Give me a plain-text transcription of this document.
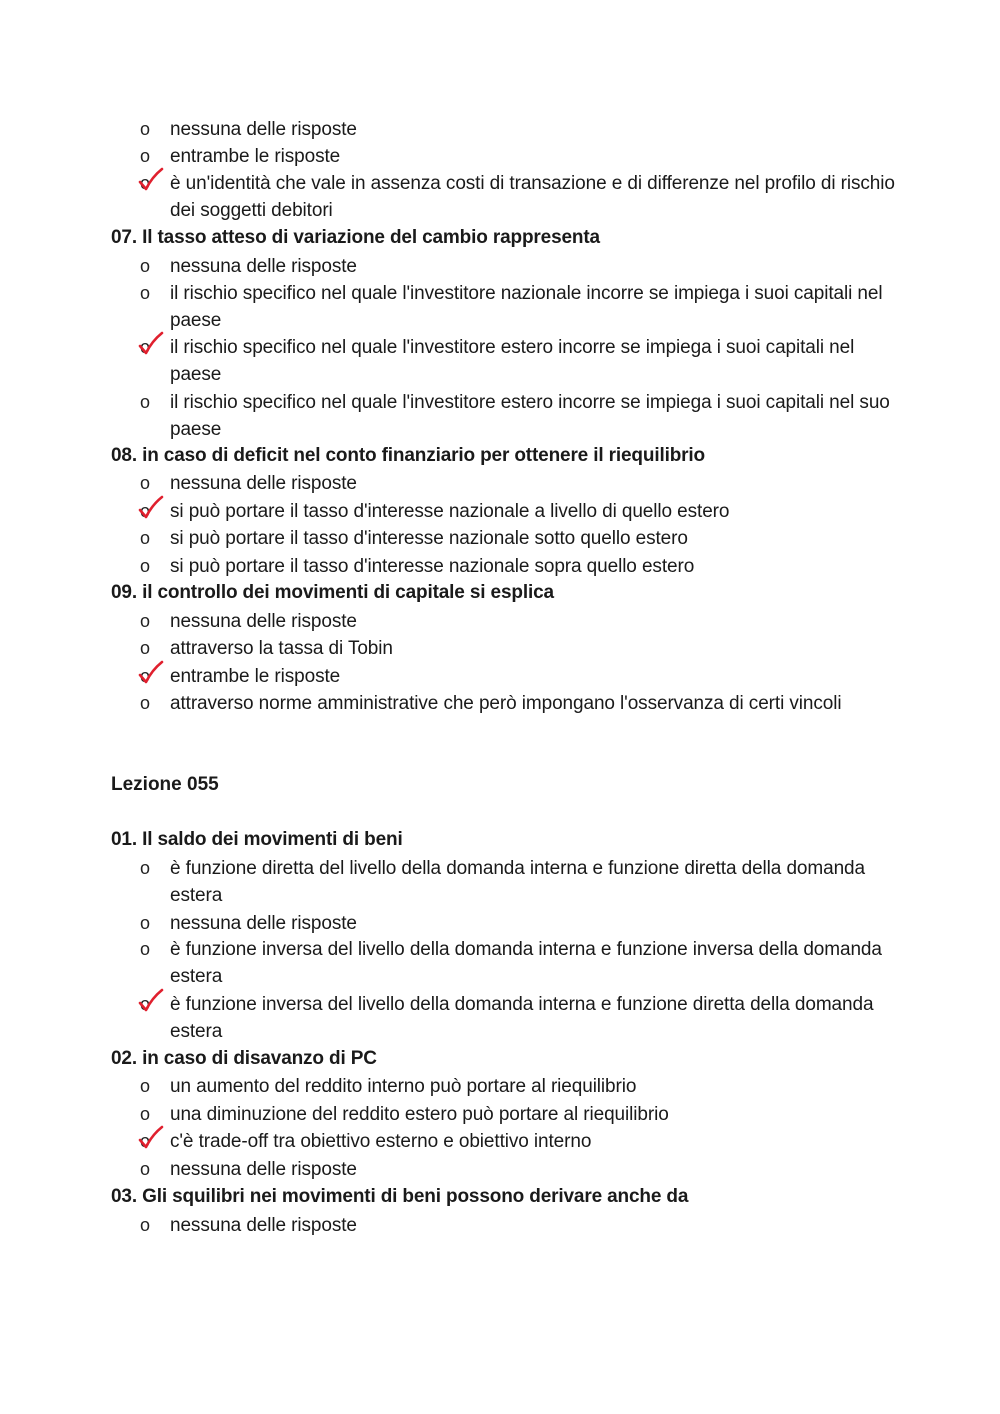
o nessuna delle risposte
o entrambe le risposte
o è un'identità che vale in assenza costi di transazione e di differenze nel profilo di rischio dei soggetti debitori
07. Il tasso atteso di variazione del cambio rappresenta
o nessuna delle risposte
o il rischio specifico nel quale l'investitore nazionale incorre se impiega i suoi capitali nel paese
o il rischio specifico nel quale l'investitore estero incorre se impiega i suoi capitali nel paese
o il rischio specifico nel quale l'investitore estero incorre se impiega i suoi capitali nel suo paese
08. in caso di deficit nel conto finanziario per ottenere il riequilibrio
o nessuna delle risposte
o si può portare il tasso d'interesse nazionale a livello di quello estero
o si può portare il tasso d'interesse nazionale sotto quello estero
o si può portare il tasso d'interesse nazionale sopra quello estero
09. il controllo dei movimenti di capitale si esplica
o nessuna delle risposte
o attraverso la tassa di Tobin
o entrambe le risposte
o attraverso norme amministrative che però impongano l'osservanza di certi vincoli
Lezione 055
01. Il saldo dei movimenti di beni
o è funzione diretta del livello della domanda interna e funzione diretta della domanda estera
o nessuna delle risposte
o è funzione inversa del livello della domanda interna e funzione inversa della domanda estera
o è funzione inversa del livello della domanda interna e funzione diretta della domanda estera
02. in caso di disavanzo di PC
o un aumento del reddito interno può portare al riequilibrio
o una diminuzione del reddito estero può portare al riequilibrio
o c'è trade-off tra obiettivo esterno e obiettivo interno
o nessuna delle risposte
03. Gli squilibri nei movimenti di beni possono derivare anche da
o nessuna delle risposte
